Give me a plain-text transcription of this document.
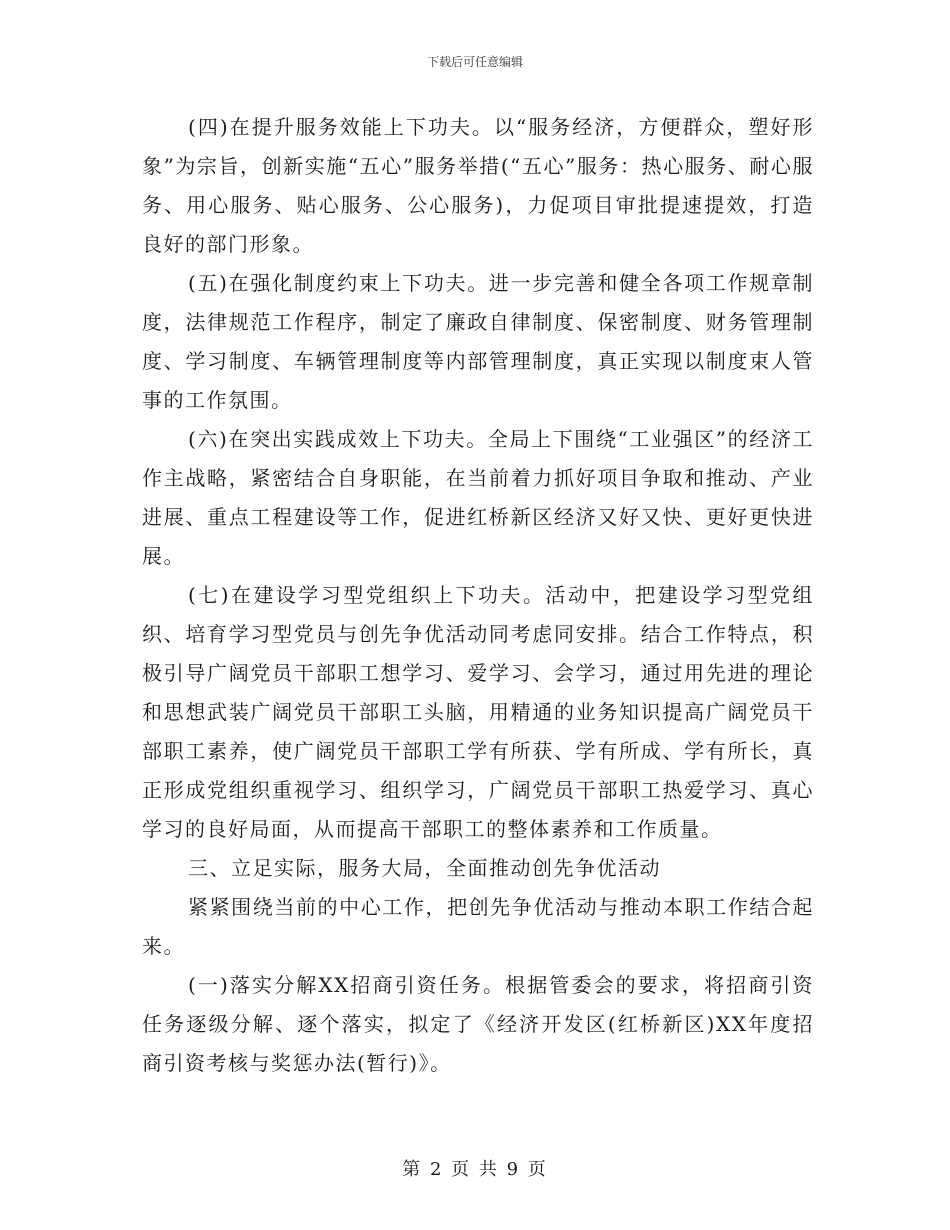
下载后可任意编辑

(四)在提升服务效能上下功夫。以“服务经济，方便群众，塑好形象”为宗旨，创新实施“五心”服务举措(“五心”服务：热心服务、耐心服务、用心服务、贴心服务、公心服务)，力促项目审批提速提效，打造良好的部门形象。

(五)在强化制度约束上下功夫。进一步完善和健全各项工作规章制度，法律规范工作程序，制定了廉政自律制度、保密制度、财务管理制度、学习制度、车辆管理制度等内部管理制度，真正实现以制度束人管事的工作氛围。

(六)在突出实践成效上下功夫。全局上下围绕“工业强区”的经济工作主战略，紧密结合自身职能，在当前着力抓好项目争取和推动、产业进展、重点工程建设等工作，促进红桥新区经济又好又快、更好更快进展。

(七)在建设学习型党组织上下功夫。活动中，把建设学习型党组织、培育学习型党员与创先争优活动同考虑同安排。结合工作特点，积极引导广阔党员干部职工想学习、爱学习、会学习，通过用先进的理论和思想武装广阔党员干部职工头脑，用精通的业务知识提高广阔党员干部职工素养，使广阔党员干部职工学有所获、学有所成、学有所长，真正形成党组织重视学习、组织学习，广阔党员干部职工热爱学习、真心学习的良好局面，从而提高干部职工的整体素养和工作质量。

三、立足实际，服务大局，全面推动创先争优活动

紧紧围绕当前的中心工作，把创先争优活动与推动本职工作结合起来。

(一)落实分解XX招商引资任务。根据管委会的要求，将招商引资任务逐级分解、逐个落实，拟定了《经济开发区(红桥新区)XX年度招商引资考核与奖惩办法(暂行)》。

第 2 页 共 9 页
